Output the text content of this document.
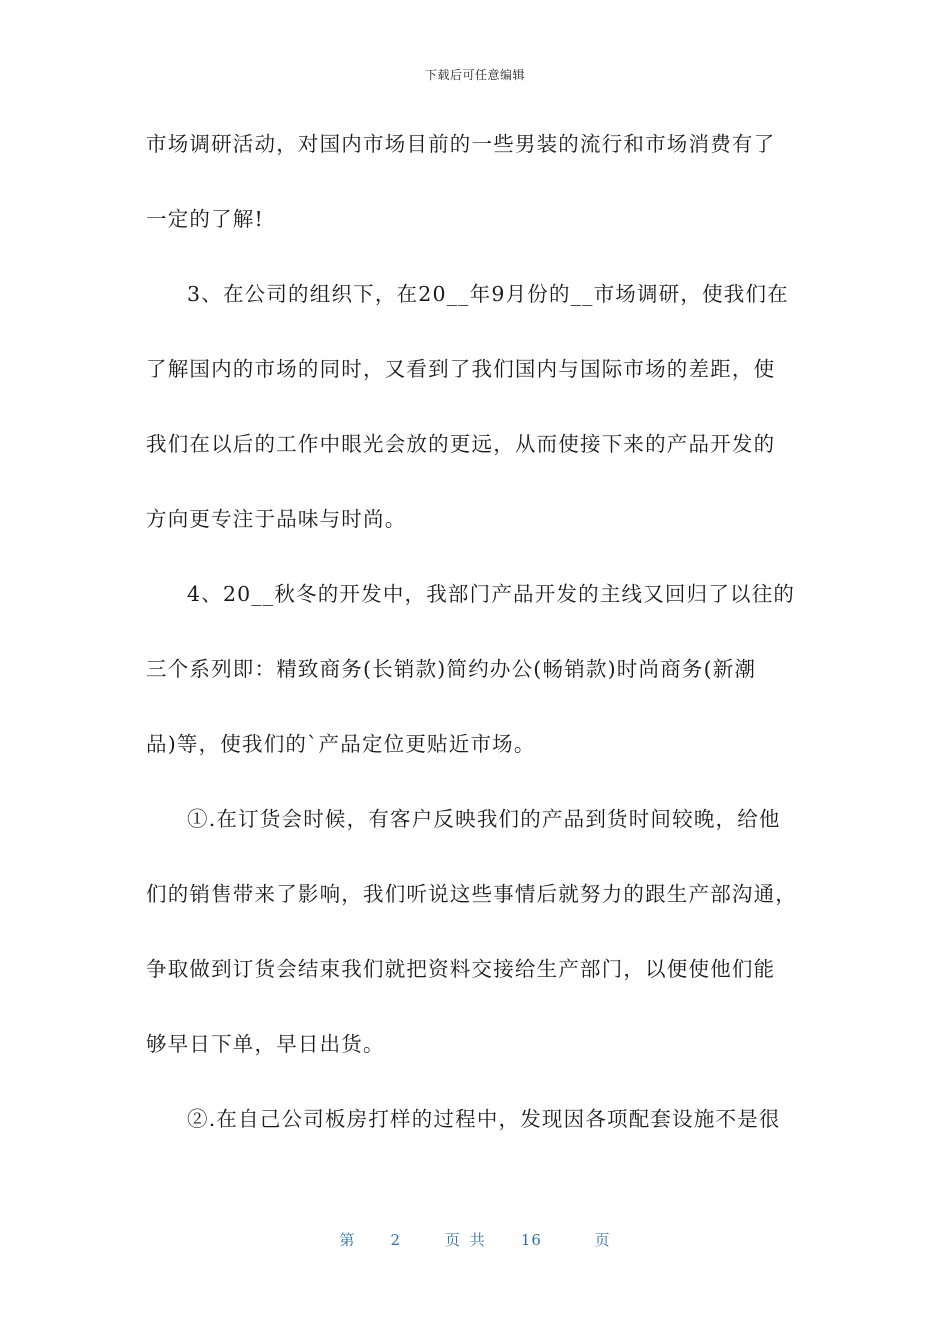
下载后可任意编辑
市场调研活动，对国内市场目前的一些男装的流行和市场消费有了
一定的了解!
3、在公司的组织下，在20__年9月份的__市场调研，使我们在
了解国内的市场的同时，又看到了我们国内与国际市场的差距，使
我们在以后的工作中眼光会放的更远，从而使接下来的产品开发的
方向更专注于品味与时尚。
4、20__秋冬的开发中，我部门产品开发的主线又回归了以往的
三个系列即：精致商务(长销款)简约办公(畅销款)时尚商务(新潮
品)等，使我们的`产品定位更贴近市场。
①.在订货会时候，有客户反映我们的产品到货时间较晚，给他
们的销售带来了影响，我们听说这些事情后就努力的跟生产部沟通，
争取做到订货会结束我们就把资料交接给生产部门，以便使他们能
够早日下单，早日出货。
②.在自己公司板房打样的过程中，发现因各项配套设施不是很
第 2	页 共 16	页
